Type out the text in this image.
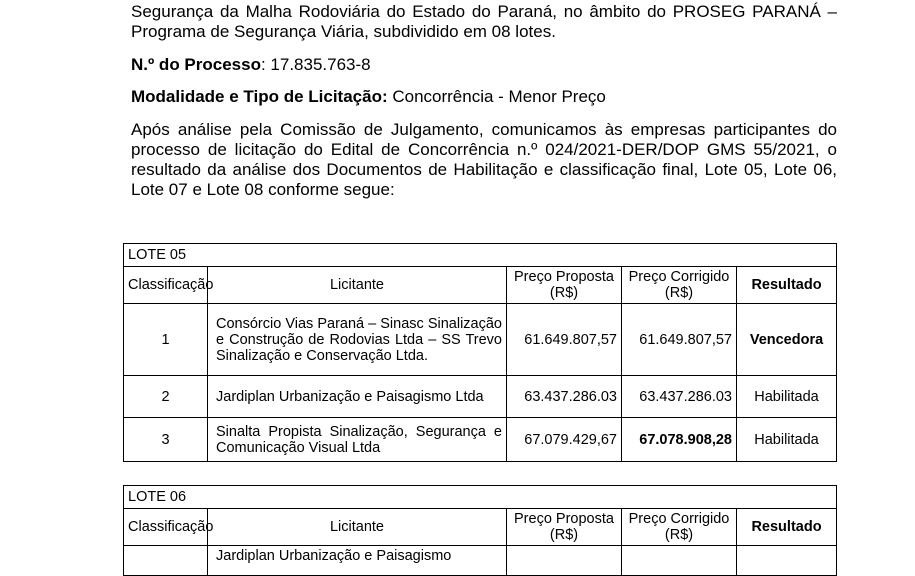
Segurança da Malha Rodoviária do Estado do Paraná, no âmbito do PROSEG PARANÁ – Programa de Segurança Viária, subdividido em 08 lotes.
N.º do Processo: 17.835.763-8
Modalidade e Tipo de Licitação: Concorrência - Menor Preço
Após análise pela Comissão de Julgamento, comunicamos às empresas participantes do processo de licitação do Edital de Concorrência n.º 024/2021-DER/DOP GMS 55/2021, o resultado da análise dos Documentos de Habilitação e classificação final, Lote 05, Lote 06, Lote 07 e Lote 08 conforme segue:
LOTE 05				
Classificação	Licitante	Preço Proposta (R$)	Preço Corrigido (R$)	Resultado
1	Consórcio Vias Paraná – Sinasc Sinalização e Construção de Rodovias Ltda – SS Trevo Sinalização e Conservação Ltda.	61.649.807,57	61.649.807,57	Vencedora
2	Jardiplan Urbanização e Paisagismo Ltda	63.437.286.03	63.437.286.03	Habilitada
3	Sinalta Propista Sinalização, Segurança e Comunicação Visual Ltda	67.079.429,67	67.078.908,28	Habilitada
LOTE 06				
Classificação	Licitante	Preço Proposta (R$)	Preço Corrigido (R$)	Resultado
	Jardiplan Urbanização e Paisagismo			
